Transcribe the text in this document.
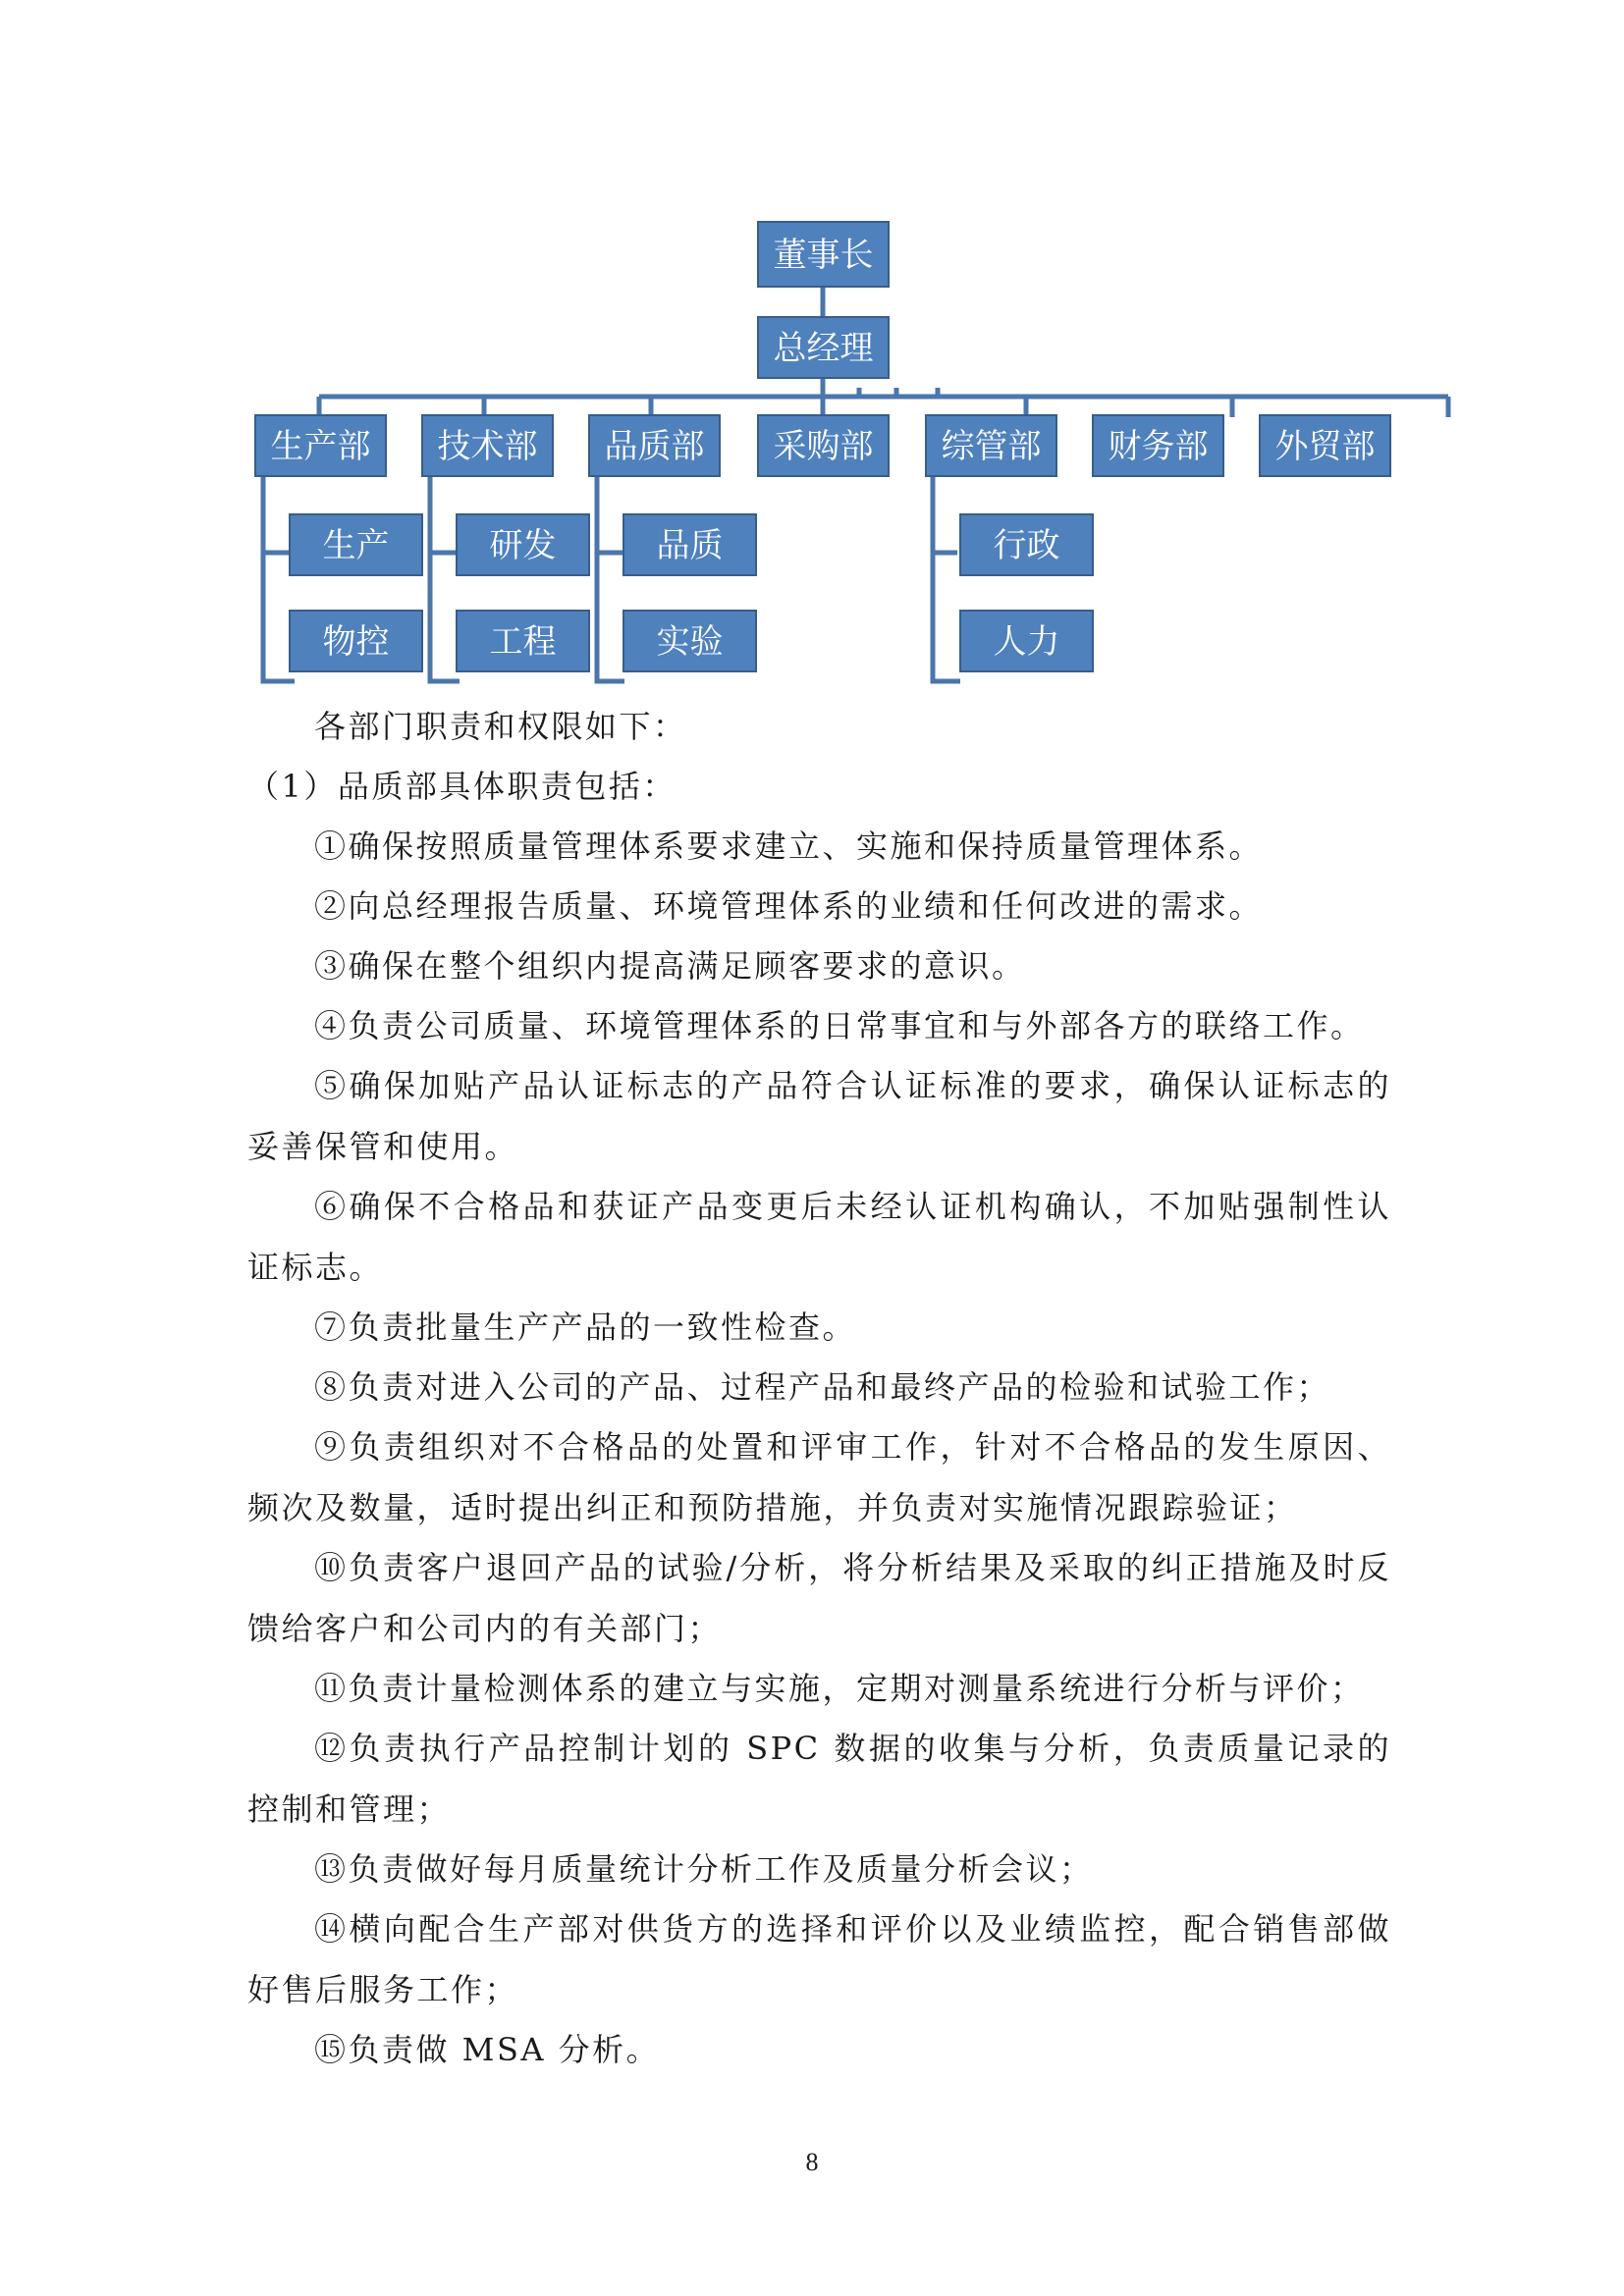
董事长
总经理
生产部
生产
物控
技术部
研发
工程
品质部
品质
实验
采购部 综管部
行政
人力
财务部 外贸部

各部门职责和权限如下：

（1）品质部具体职责包括：

①确保按照质量管理体系要求建立、实施和保持质量管理体系。

②向总经理报告质量、环境管理体系的业绩和任何改进的需求。

③确保在整个组织内提高满足顾客要求的意识。

④负责公司质量、环境管理体系的日常事宜和与外部各方的联络工作。

⑤确保加贴产品认证标志的产品符合认证标准的要求，确保认证标志的妥善保管和使用。

⑥确保不合格品和获证产品变更后未经认证机构确认，不加贴强制性认证标志。

⑦负责批量生产产品的一致性检查。

⑧负责对进入公司的产品、过程产品和最终产品的检验和试验工作；

⑨负责组织对不合格品的处置和评审工作，针对不合格品的发生原因、频次及数量，适时提出纠正和预防措施，并负责对实施情况跟踪验证；

⑩负责客户退回产品的试验/分析，将分析结果及采取的纠正措施及时反馈给客户和公司内的有关部门；

⑪负责计量检测体系的建立与实施，定期对测量系统进行分析与评价；

⑫负责执行产品控制计划的 SPC 数据的收集与分析，负责质量记录的控制和管理；

⑬负责做好每月质量统计分析工作及质量分析会议；

⑭横向配合生产部对供货方的选择和评价以及业绩监控，配合销售部做好售后服务工作；

⑮负责做 MSA 分析。

8
